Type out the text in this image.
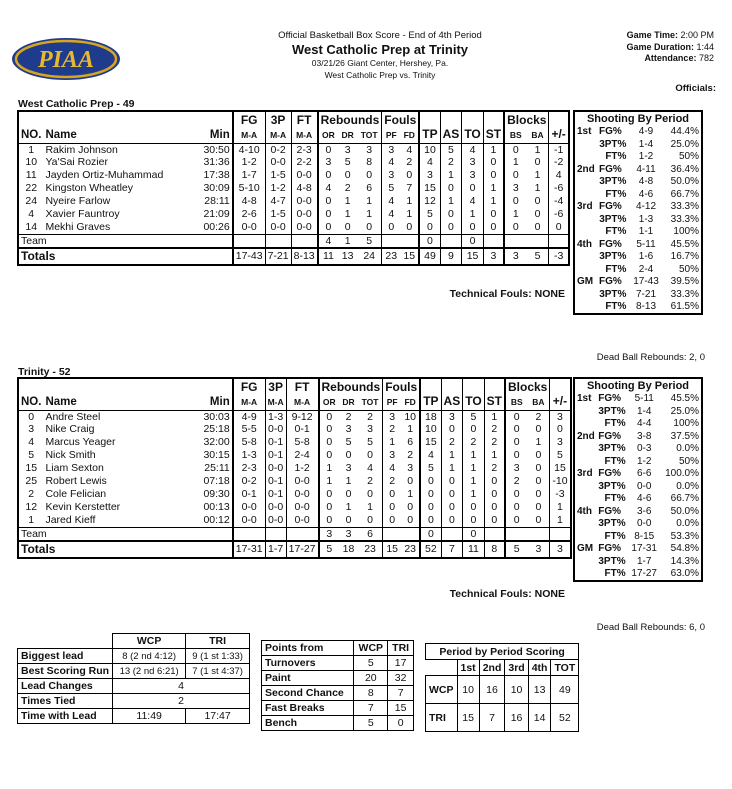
PIAA
Official Basketball Box Score - End of 4th Period
West Catholic Prep at Trinity
03/21/26 Giant Center, Hershey, Pa.
West Catholic Prep vs. Trinity
Game Time: 2:00 PM
Game Duration: 1:44
Attendance: 782
Officials:
West Catholic Prep - 49
			FG	3P	FT	Rebounds			Fouls		TP	AS	TO	ST	Blocks		+/-
NO.	Name	Min	M-A	M-A	M-A	OR	DR	TOT	PF	FD					BS	BA	
1	Rakim Johnson	30:50	4-10	0-2	2-3	0	3	3	3	4	10	5	4	1	0	1	-1
10	Ya'Sai Rozier	31:36	1-2	0-0	2-2	3	5	8	4	2	4	2	3	0	1	0	-2
11	Jayden Ortiz-Muhammad	17:38	1-7	1-5	0-0	0	0	0	3	0	3	1	3	0	0	1	4
22	Kingston Wheatley	30:09	5-10	1-2	4-8	4	2	6	5	7	15	0	0	1	3	1	-6
24	Nyeire Farlow	28:11	4-8	4-7	0-0	0	1	1	4	1	12	1	4	1	0	0	-4
4	Xavier Fauntroy	21:09	2-6	1-5	0-0	0	1	1	4	1	5	0	1	0	1	0	-6
14	Mekhi Graves	00:26	0-0	0-0	0-0	0	0	0	0	0	0	0	0	0	0	0	0
Team						4	1	5			0		0				
Totals			17-43	7-21	8-13	11	13	24	23	15	49	9	15	3	3	5	-3
Technical Fouls: NONE
Shooting By Period			
1st	FG%	4-9	44.4%
	3PT%	1-4	25.0%
	FT%	1-2	50%
2nd	FG%	4-11	36.4%
	3PT%	4-8	50.0%
	FT%	4-6	66.7%
3rd	FG%	4-12	33.3%
	3PT%	1-3	33.3%
	FT%	1-1	100%
4th	FG%	5-11	45.5%
	3PT%	1-6	16.7%
	FT%	2-4	50%
GM	FG%	17-43	39.5%
	3PT%	7-21	33.3%
	FT%	8-13	61.5%
Dead Ball Rebounds: 2, 0
Trinity - 52
			FG	3P	FT	Rebounds			Fouls		TP	AS	TO	ST	Blocks		+/-
NO.	Name	Min	M-A	M-A	M-A	OR	DR	TOT	PF	FD					BS	BA	
0	Andre Steel	30:03	4-9	1-3	9-12	0	2	2	3	10	18	3	5	1	0	2	3
3	Nike Craig	25:18	5-5	0-0	0-1	0	3	3	2	1	10	0	0	2	0	0	0
4	Marcus Yeager	32:00	5-8	0-1	5-8	0	5	5	1	6	15	2	2	2	0	1	3
5	Nick Smith	30:15	1-3	0-1	2-4	0	0	0	3	2	4	1	1	1	0	0	5
15	Liam Sexton	25:11	2-3	0-0	1-2	1	3	4	4	3	5	1	1	2	3	0	15
25	Robert Lewis	07:18	0-2	0-1	0-0	1	1	2	2	0	0	0	1	0	2	0	-10
2	Cole Felician	09:30	0-1	0-1	0-0	0	0	0	0	1	0	0	1	0	0	0	-3
12	Kevin Kerstetter	00:13	0-0	0-0	0-0	0	1	1	0	0	0	0	0	0	0	0	1
1	Jared Kieff	00:12	0-0	0-0	0-0	0	0	0	0	0	0	0	0	0	0	0	1
Team						3	3	6			0		0				
Totals			17-31	1-7	17-27	5	18	23	15	23	52	7	11	8	5	3	3
Technical Fouls: NONE
Shooting By Period			
1st	FG%	5-11	45.5%
	3PT%	1-4	25.0%
	FT%	4-4	100%
2nd	FG%	3-8	37.5%
	3PT%	0-3	0.0%
	FT%	1-2	50%
3rd	FG%	6-6	100.0%
	3PT%	0-0	0.0%
	FT%	4-6	66.7%
4th	FG%	3-6	50.0%
	3PT%	0-0	0.0%
	FT%	8-15	53.3%
GM	FG%	17-31	54.8%
	3PT%	1-7	14.3%
	FT%	17-27	63.0%
Dead Ball Rebounds: 6, 0
	WCP	TRI
Biggest lead	8 (2 nd 4:12)	9 (1 st 1:33)
Best Scoring Run	13 (2 nd 6:21)	7 (1 st 4:37)
Lead Changes	4	
Times Tied	2	
Time with Lead	11:49	17:47
Points from	WCP	TRI
Turnovers	5	17
Paint	20	32
Second Chance	8	7
Fast Breaks	7	15
Bench	5	0
Period by Period Scoring					
	1st	2nd	3rd	4th	TOT
WCP	10	16	10	13	49
TRI	15	7	16	14	52
